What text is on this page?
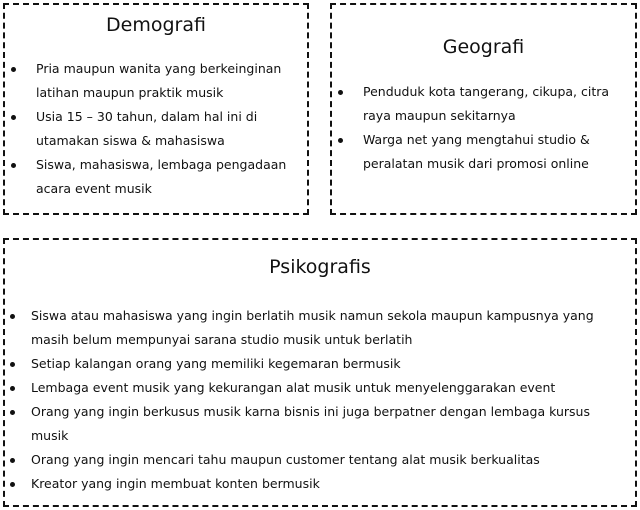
Demografi
Pria maupun wanita yang berkeinginan latihan maupun praktik musik
Usia 15 – 30 tahun, dalam hal ini di utamakan siswa & mahasiswa
Siswa, mahasiswa, lembaga pengadaan acara event musik
Geografi
Penduduk kota tangerang, cikupa, citra raya maupun sekitarnya
Warga net yang mengtahui studio & peralatan musik dari promosi online
Psikografis
Siswa atau mahasiswa yang ingin berlatih musik namun sekola maupun kampusnya yang masih belum mempunyai sarana studio musik untuk berlatih
Setiap kalangan orang yang memiliki kegemaran bermusik
Lembaga event musik yang kekurangan alat musik untuk menyelenggarakan event
Orang yang ingin berkusus musik karna bisnis ini juga berpatner dengan lembaga kursus musik
Orang yang ingin mencari tahu maupun customer tentang alat musik berkualitas
Kreator yang ingin membuat konten bermusik
